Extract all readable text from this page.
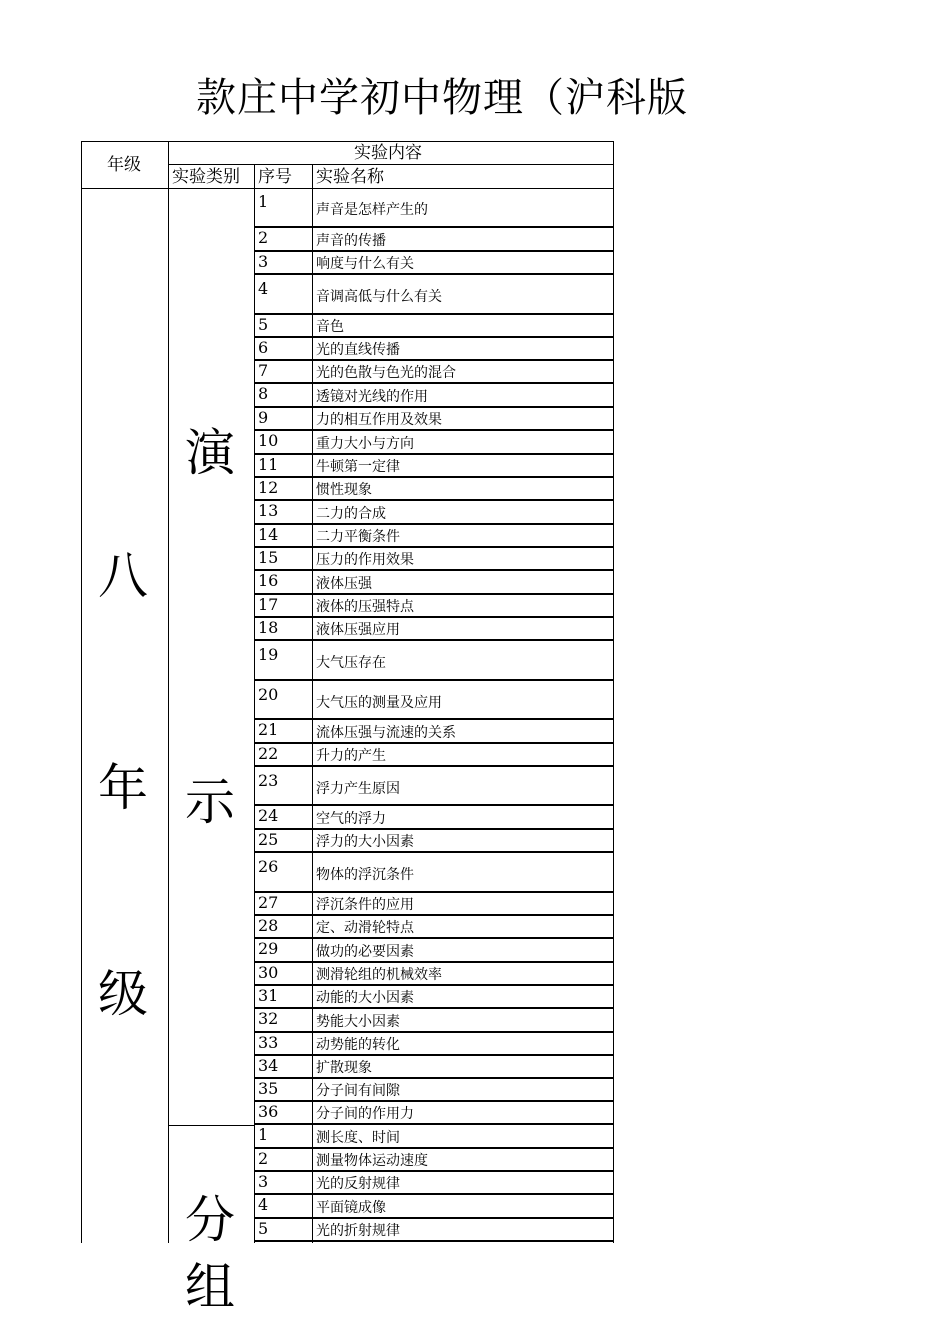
款庄中学初中物理（沪科版
年级
实验内容
实验类别 序号 实验名称
八
年
级
演
示
分
组
1	声音是怎样产生的
2	声音的传播
3	响度与什么有关
4	音调高低与什么有关
5	音色
6	光的直线传播
7	光的色散与色光的混合
8	透镜对光线的作用
9	力的相互作用及效果
10	重力大小与方向
11	牛顿第一定律
12	惯性现象
13	二力的合成
14	二力平衡条件
15	压力的作用效果
16	液体压强
17	液体的压强特点
18	液体压强应用
19	大气压存在
20	大气压的测量及应用
21	流体压强与流速的关系
22	升力的产生
23	浮力产生原因
24	空气的浮力
25	浮力的大小因素
26	物体的浮沉条件
27	浮沉条件的应用
28	定、动滑轮特点
29	做功的必要因素
30	测滑轮组的机械效率
31	动能的大小因素
32	势能大小因素
33	动势能的转化
34	扩散现象
35	分子间有间隙
36	分子间的作用力
1	测长度、时间
2	测量物体运动速度
3	光的反射规律
4	平面镜成像
5	光的折射规律
